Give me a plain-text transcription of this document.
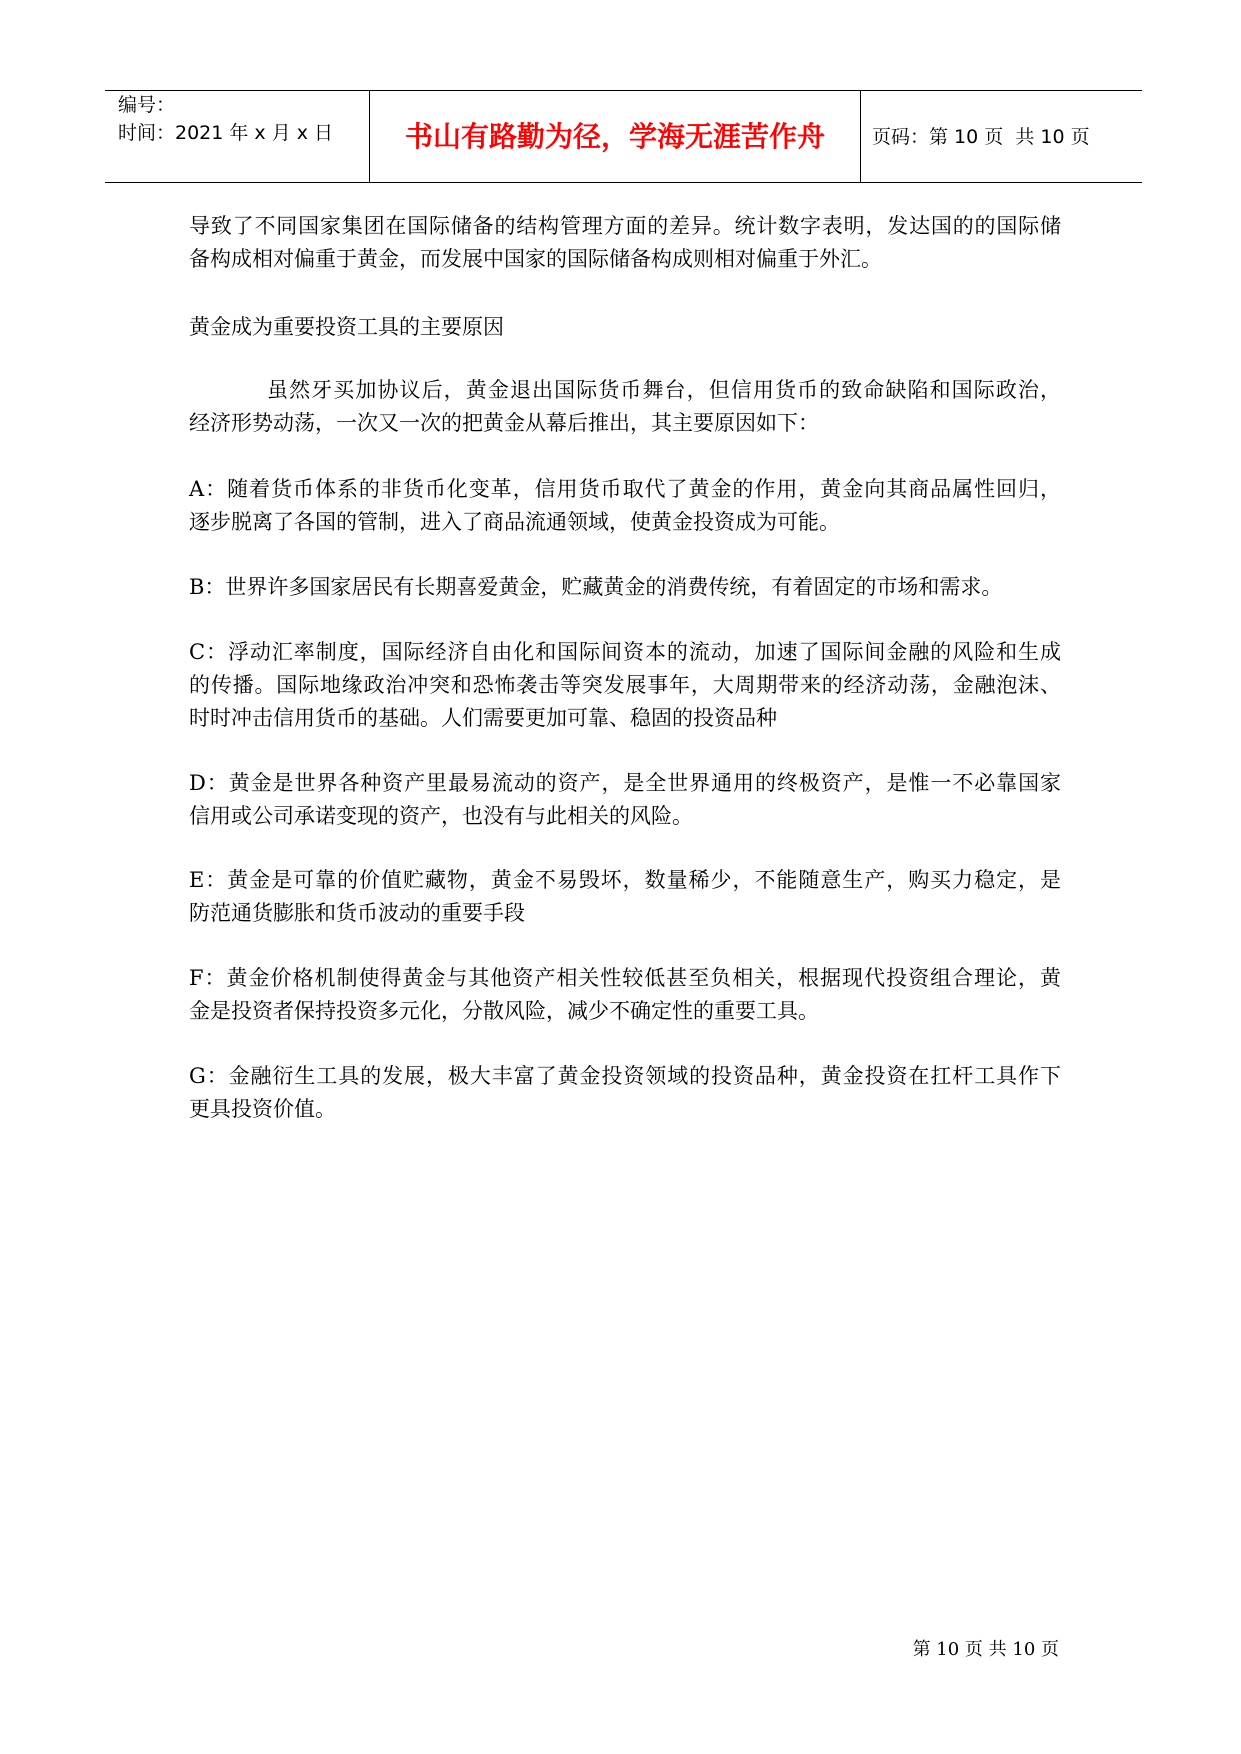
编号：
时间：2021 年 x 月 x 日	书山有路勤为径，学海无涯苦作舟	页码：第 10 页  共 10 页
导致了不同国家集团在国际储备的结构管理方面的差异。统计数字表明，发达国的的国际储
备构成相对偏重于黄金，而发展中国家的国际储备构成则相对偏重于外汇。
黄金成为重要投资工具的主要原因
虽然牙买加协议后，黄金退出国际货币舞台，但信用货币的致命缺陷和国际政治，
经济形势动荡，一次又一次的把黄金从幕后推出，其主要原因如下：
A：随着货币体系的非货币化变革，信用货币取代了黄金的作用，黄金向其商品属性回归，
逐步脱离了各国的管制，进入了商品流通领域，使黄金投资成为可能。
B：世界许多国家居民有长期喜爱黄金，贮藏黄金的消费传统，有着固定的市场和需求。
C：浮动汇率制度，国际经济自由化和国际间资本的流动，加速了国际间金融的风险和生成
的传播。国际地缘政治冲突和恐怖袭击等突发展事年，大周期带来的经济动荡，金融泡沫、
时时冲击信用货币的基础。人们需要更加可靠、稳固的投资品种
D：黄金是世界各种资产里最易流动的资产，是全世界通用的终极资产，是惟一不必靠国家
信用或公司承诺变现的资产，也没有与此相关的风险。
E：黄金是可靠的价值贮藏物，黄金不易毁坏，数量稀少，不能随意生产，购买力稳定，是
防范通货膨胀和货币波动的重要手段
F：黄金价格机制使得黄金与其他资产相关性较低甚至负相关，根据现代投资组合理论，黄
金是投资者保持投资多元化，分散风险，减少不确定性的重要工具。
G：金融衍生工具的发展，极大丰富了黄金投资领域的投资品种，黄金投资在扛杆工具作下
更具投资价值。
第 10 页 共 10 页
